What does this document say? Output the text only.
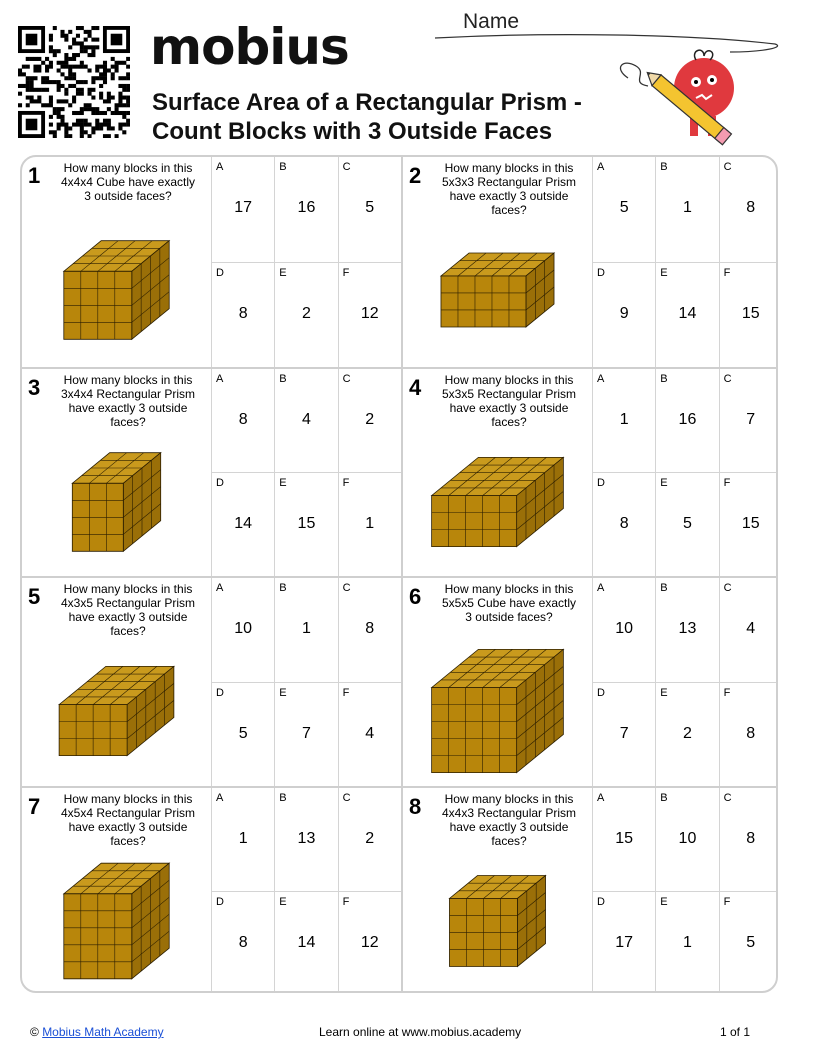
mobius	Name
Surface Area of a Rectangular Prism -
Count Blocks with 3 Outside Faces
1	How many blocks in this 4x4x4 Cube have exactly 3 outside faces?
A
17
B
16
C
5
D
8
E
2
F
12
2	How many blocks in this 5x3x3 Rectangular Prism have exactly 3 outside faces?
A
5
B
1
C
8
D
9
E
14
F
15
3	How many blocks in this 3x4x4 Rectangular Prism have exactly 3 outside faces?
A
8
B
4
C
2
D
14
E
15
F
1
4	How many blocks in this 5x3x5 Rectangular Prism have exactly 3 outside faces?
A
1
B
16
C
7
D
8
E
5
F
15
5	How many blocks in this 4x3x5 Rectangular Prism have exactly 3 outside faces?
A
10
B
1
C
8
D
5
E
7
F
4
6	How many blocks in this 5x5x5 Cube have exactly 3 outside faces?
A
10
B
13
C
4
D
7
E
2
F
8
7	How many blocks in this 4x5x4 Rectangular Prism have exactly 3 outside faces?
A
1
B
13
C
2
D
8
E
14
F
12
8	How many blocks in this 4x4x3 Rectangular Prism have exactly 3 outside faces?
A
15
B
10
C
8
D
17
E
1
F
5
© Mobius Math Academy	Learn online at www.mobius.academy	1 of 1
